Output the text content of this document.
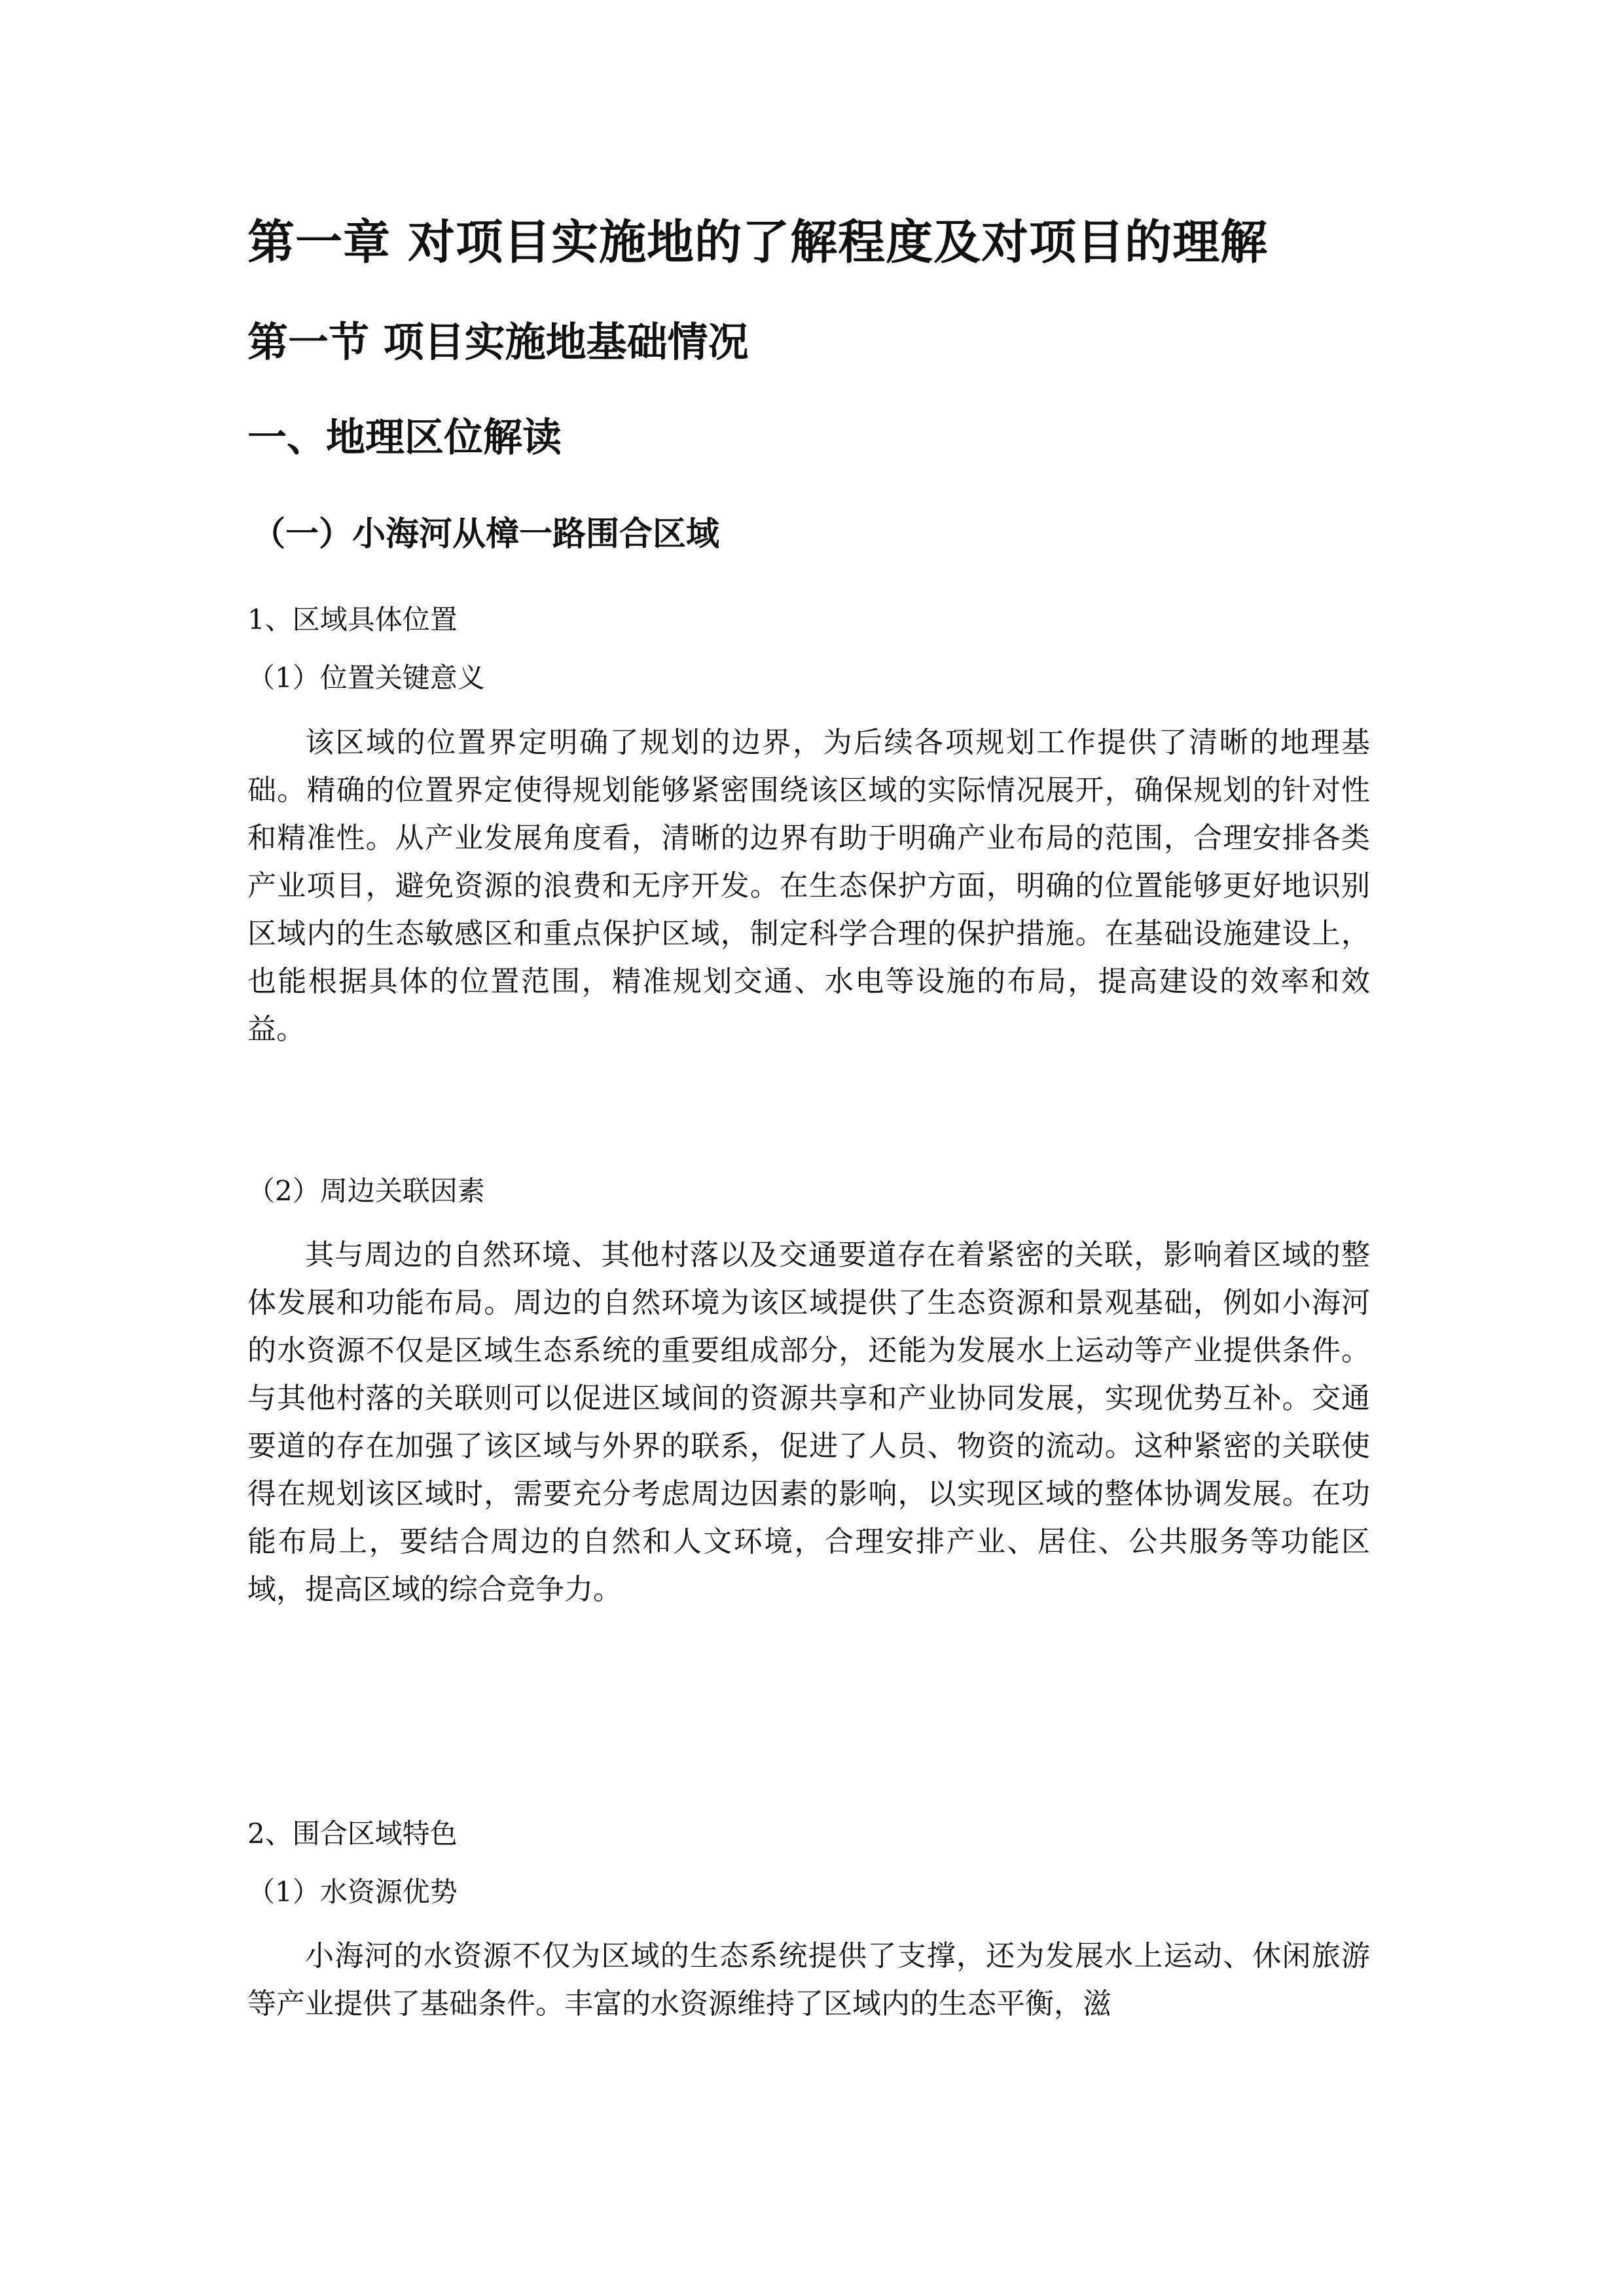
第一章 对项目实施地的了解程度及对项目的理解
第一节 项目实施地基础情况
一、地理区位解读
（一）小海河从樟一路围合区域
1、区域具体位置
（1）位置关键意义

该区域的位置界定明确了规划的边界，为后续各项规划工作提供了清晰的地理基础。精确的位置界定使得规划能够紧密围绕该区域的实际情况展开，确保规划的针对性和精准性。从产业发展角度看，清晰的边界有助于明确产业布局的范围，合理安排各类产业项目，避免资源的浪费和无序开发。在生态保护方面，明确的位置能够更好地识别区域内的生态敏感区和重点保护区域，制定科学合理的保护措施。在基础设施建设上，也能根据具体的位置范围，精准规划交通、水电等设施的布局，提高建设的效率和效益。

（2）周边关联因素

其与周边的自然环境、其他村落以及交通要道存在着紧密的关联，影响着区域的整体发展和功能布局。周边的自然环境为该区域提供了生态资源和景观基础，例如小海河的水资源不仅是区域生态系统的重要组成部分，还能为发展水上运动等产业提供条件。与其他村落的关联则可以促进区域间的资源共享和产业协同发展，实现优势互补。交通要道的存在加强了该区域与外界的联系，促进了人员、物资的流动。这种紧密的关联使得在规划该区域时，需要充分考虑周边因素的影响，以实现区域的整体协调发展。在功能布局上，要结合周边的自然和人文环境，合理安排产业、居住、公共服务等功能区域，提高区域的综合竞争力。

2、围合区域特色
（1）水资源优势

小海河的水资源不仅为区域的生态系统提供了支撑，还为发展水上运动、休闲旅游等产业提供了基础条件。丰富的水资源维持了区域内的生态平衡，滋
